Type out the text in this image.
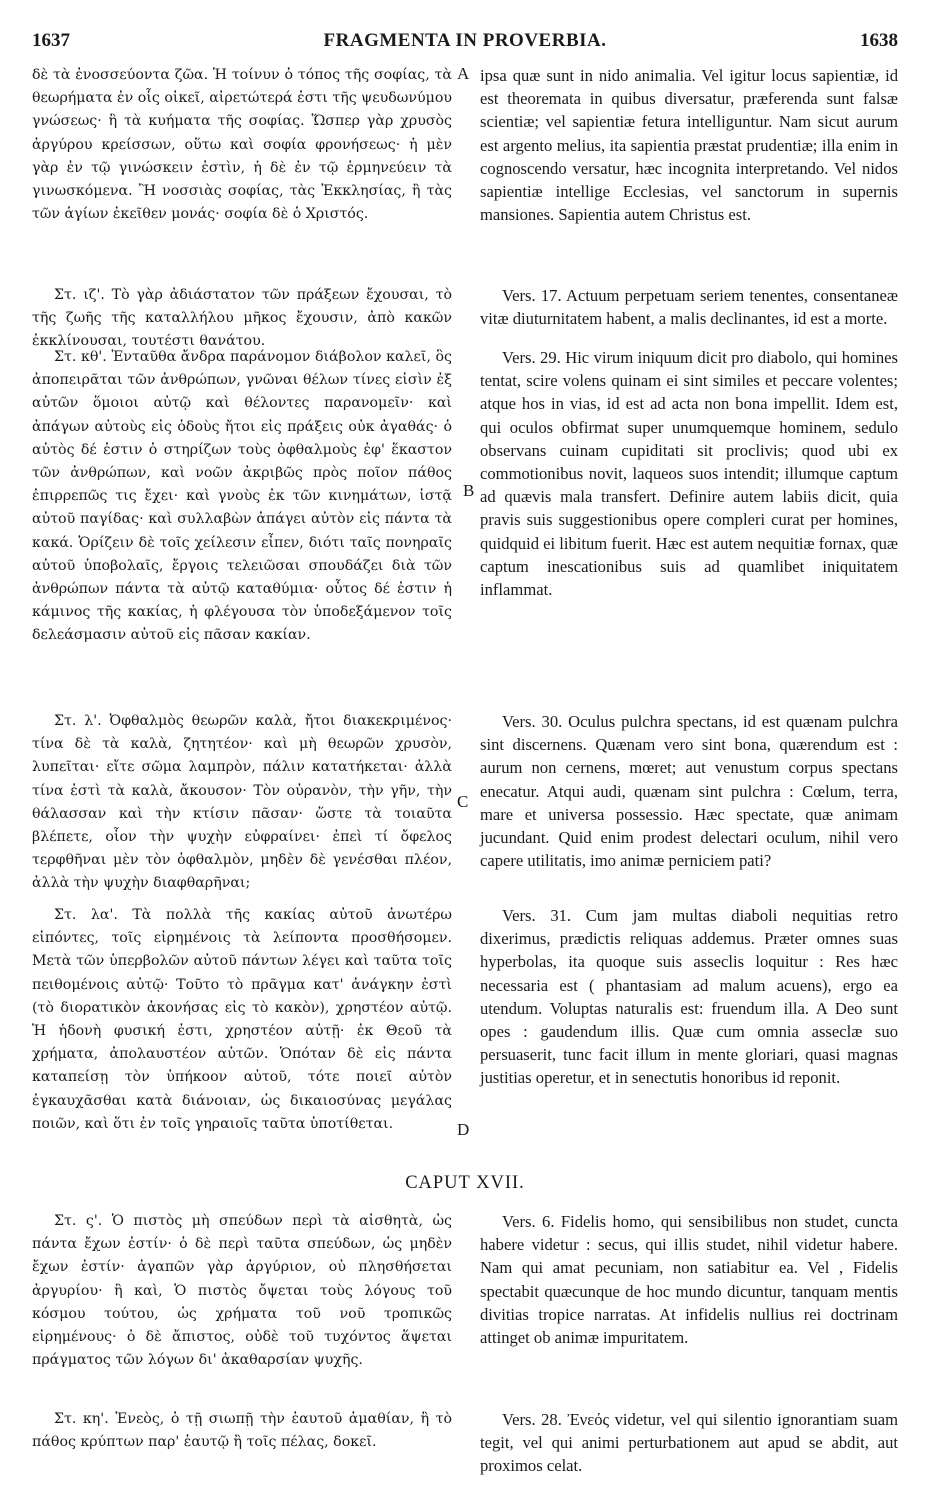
1637	FRAGMENTA IN PROVERBIA.	1638
A
B
C
D

δὲ τὰ ἐνοσσεύοντα ζῶα. Ἡ τοίνυν ὁ τόπος τῆς σοφίας, τὰ θεωρήματα ἐν οἷς οἰκεῖ, αἱρετώτερά ἐστι τῆς ψευδωνύμου γνώσεως· ἢ τὰ κυήματα τῆς σοφίας. Ὥσπερ γὰρ χρυσὸς ἀργύρου κρείσσων, οὕτω καὶ σοφία φρονήσεως· ἡ μὲν γὰρ ἐν τῷ γινώσκειν ἐστὶν, ἡ δὲ ἐν τῷ ἑρμηνεύειν τὰ γινωσκόμενα. Ἢ νοσσιὰς σοφίας, τὰς Ἐκκλησίας, ἢ τὰς τῶν ἁγίων ἐκεῖθεν μονάς· σοφία δὲ ὁ Χριστός.

Στ. ιζ'. Τὸ γὰρ ἀδιάστατον τῶν πράξεων ἔχουσαι, τὸ τῆς ζωῆς τῆς καταλλήλου μῆκος ἔχουσιν, ἀπὸ κακῶν ἐκκλίνουσαι, τουτέστι θανάτου.

Στ. κθ'. Ἐνταῦθα ἄνδρα παράνομον διάβολον καλεῖ, ὃς ἀποπειρᾶται τῶν ἀνθρώπων, γνῶναι θέλων τίνες εἰσὶν ἐξ αὐτῶν ὅμοιοι αὐτῷ καὶ θέλοντες παρανομεῖν· καὶ ἀπάγων αὐτοὺς εἰς ὁδοὺς ἤτοι εἰς πράξεις οὐκ ἀγαθάς· ὁ αὐτὸς δέ ἐστιν ὁ στηρίζων τοὺς ὀφθαλμοὺς ἐφ' ἕκαστον τῶν ἀνθρώπων, καὶ νοῶν ἀκριβῶς πρὸς ποῖον πάθος ἐπιρρεπῶς τις ἔχει· καὶ γνοὺς ἐκ τῶν κινημάτων, ἱστᾷ αὐτοῦ παγίδας· καὶ συλλαβὼν ἀπάγει αὐτὸν εἰς πάντα τὰ κακά. Ὁρίζειν δὲ τοῖς χείλεσιν εἶπεν, διότι ταῖς πονηραῖς αὐτοῦ ὑποβολαῖς, ἔργοις τελειῶσαι σπουδάζει διὰ τῶν ἀνθρώπων πάντα τὰ αὐτῷ καταθύμια· οὗτος δέ ἐστιν ἡ κάμινος τῆς κακίας, ἡ φλέγουσα τὸν ὑποδεξάμενον τοῖς δελεάσμασιν αὐτοῦ εἰς πᾶσαν κακίαν.

Στ. λ'. Ὀφθαλμὸς θεωρῶν καλὰ, ἤτοι διακεκριμένος· τίνα δὲ τὰ καλὰ, ζητητέον· καὶ μὴ θεωρῶν χρυσὸν, λυπεῖται· εἴτε σῶμα λαμπρὸν, πάλιν κατατήκεται· ἀλλὰ τίνα ἐστὶ τὰ καλὰ, ἄκουσον· Τὸν οὐρανὸν, τὴν γῆν, τὴν θάλασσαν καὶ τὴν κτίσιν πᾶσαν· ὥστε τὰ τοιαῦτα βλέπετε, οἷον τὴν ψυχὴν εὐφραίνει· ἐπεὶ τί ὄφελος τερφθῆναι μὲν τὸν ὀφθαλμὸν, μηδὲν δὲ γενέσθαι πλέον, ἀλλὰ τὴν ψυχὴν διαφθαρῆναι;

Στ. λα'. Τὰ πολλὰ τῆς κακίας αὐτοῦ ἀνωτέρω εἰπόντες, τοῖς εἰρημένοις τὰ λείποντα προσθήσομεν. Μετὰ τῶν ὑπερβολῶν αὐτοῦ πάντων λέγει καὶ ταῦτα τοῖς πειθομένοις αὐτῷ· Τοῦτο τὸ πρᾶγμα κατ' ἀνάγκην ἐστὶ (τὸ διορατικὸν ἀκονήσας εἰς τὸ κακὸν), χρηστέον αὐτῷ. Ἡ ἡδονὴ φυσική ἐστι, χρηστέον αὐτῇ· ἐκ Θεοῦ τὰ χρήματα, ἀπολαυστέον αὐτῶν. Ὁπόταν δὲ εἰς πάντα καταπείσῃ τὸν ὑπήκοον αὐτοῦ, τότε ποιεῖ αὐτὸν ἐγκαυχᾶσθαι κατὰ διάνοιαν, ὡς δικαιοσύνας μεγάλας ποιῶν, καὶ ὅτι ἐν τοῖς γηραιοῖς ταῦτα ὑποτίθεται.

ipsa quæ sunt in nido animalia. Vel igitur locus sapientiæ, id est theoremata in quibus diversatur, præferenda sunt falsæ scientiæ; vel sapientiæ fetura intelliguntur. Nam sicut aurum est argento melius, ita sapientia præstat prudentiæ; illa enim in cognoscendo versatur, hæc incognita interpretando. Vel nidos sapientiæ intellige Ecclesias, vel sanctorum in supernis mansiones. Sapientia autem Christus est.

Vers. 17. Actuum perpetuam seriem tenentes, consentaneæ vitæ diuturnitatem habent, a malis declinantes, id est a morte.

Vers. 29. Hic virum iniquum dicit pro diabolo, qui homines tentat, scire volens quinam ei sint similes et peccare volentes; atque hos in vias, id est ad acta non bona impellit. Idem est, qui oculos obfirmat super unumquemque hominem, sedulo observans cuinam cupiditati sit proclivis; quod ubi ex commotionibus novit, laqueos suos intendit; illumque captum ad quævis mala transfert. Definire autem labiis dicit, quia pravis suis suggestionibus opere compleri curat per homines, quidquid ei libitum fuerit. Hæc est autem nequitiæ fornax, quæ captum inescationibus suis ad quamlibet iniquitatem inflammat.

Vers. 30. Oculus pulchra spectans, id est quænam pulchra sint discernens. Quænam vero sint bona, quærendum est : aurum non cernens, mœret; aut venustum corpus spectans enecatur. Atqui audi, quænam sint pulchra : Cœlum, terra, mare et universa possessio. Hæc spectate, quæ animam jucundant. Quid enim prodest delectari oculum, nihil vero capere utilitatis, imo animæ perniciem pati?

Vers. 31. Cum jam multas diaboli nequitias retro dixerimus, prædictis reliquas addemus. Præter omnes suas hyperbolas, ita quoque suis asseclis loquitur : Res hæc necessaria est ( phantasiam ad malum acuens), ergo ea utendum. Voluptas naturalis est: fruendum illa. A Deo sunt opes : gaudendum illis. Quæ cum omnia asseclæ suo persuaserit, tunc facit illum in mente gloriari, quasi magnas justitias operetur, et in senectutis honoribus id reponit.

CAPUT XVII.

Στ. ς'. Ὁ πιστὸς μὴ σπεύδων περὶ τὰ αἰσθητὰ, ὡς πάντα ἔχων ἐστίν· ὁ δὲ περὶ ταῦτα σπεύδων, ὡς μηδὲν ἔχων ἐστίν· ἀγαπῶν γὰρ ἀργύριον, οὐ πλησθήσεται ἀργυρίου· ἢ καὶ, Ὁ πιστὸς ὄψεται τοὺς λόγους τοῦ κόσμου τούτου, ὡς χρήματα τοῦ νοῦ τροπικῶς εἰρημένους· ὁ δὲ ἄπιστος, οὐδὲ τοῦ τυχόντος ἅψεται πράγματος τῶν λόγων δι' ἀκαθαρσίαν ψυχῆς.

Vers. 6. Fidelis homo, qui sensibilibus non studet, cuncta habere videtur : secus, qui illis studet, nihil videtur habere. Nam qui amat pecuniam, non satiabitur ea. Vel , Fidelis spectabit quæcunque de hoc mundo dicuntur, tanquam mentis divitias tropice narratas. At infidelis nullius rei doctrinam attinget ob animæ impuritatem.

Στ. κη'. Ἐνεὸς, ὁ τῇ σιωπῇ τὴν ἑαυτοῦ ἀμαθίαν, ἢ τὸ πάθος κρύπτων παρ' ἑαυτῷ ἢ τοῖς πέλας, δοκεῖ.

Vers. 28. Ἐνεός videtur, vel qui silentio ignorantiam suam tegit, vel qui animi perturbationem aut apud se abdit, aut proximos celat.
